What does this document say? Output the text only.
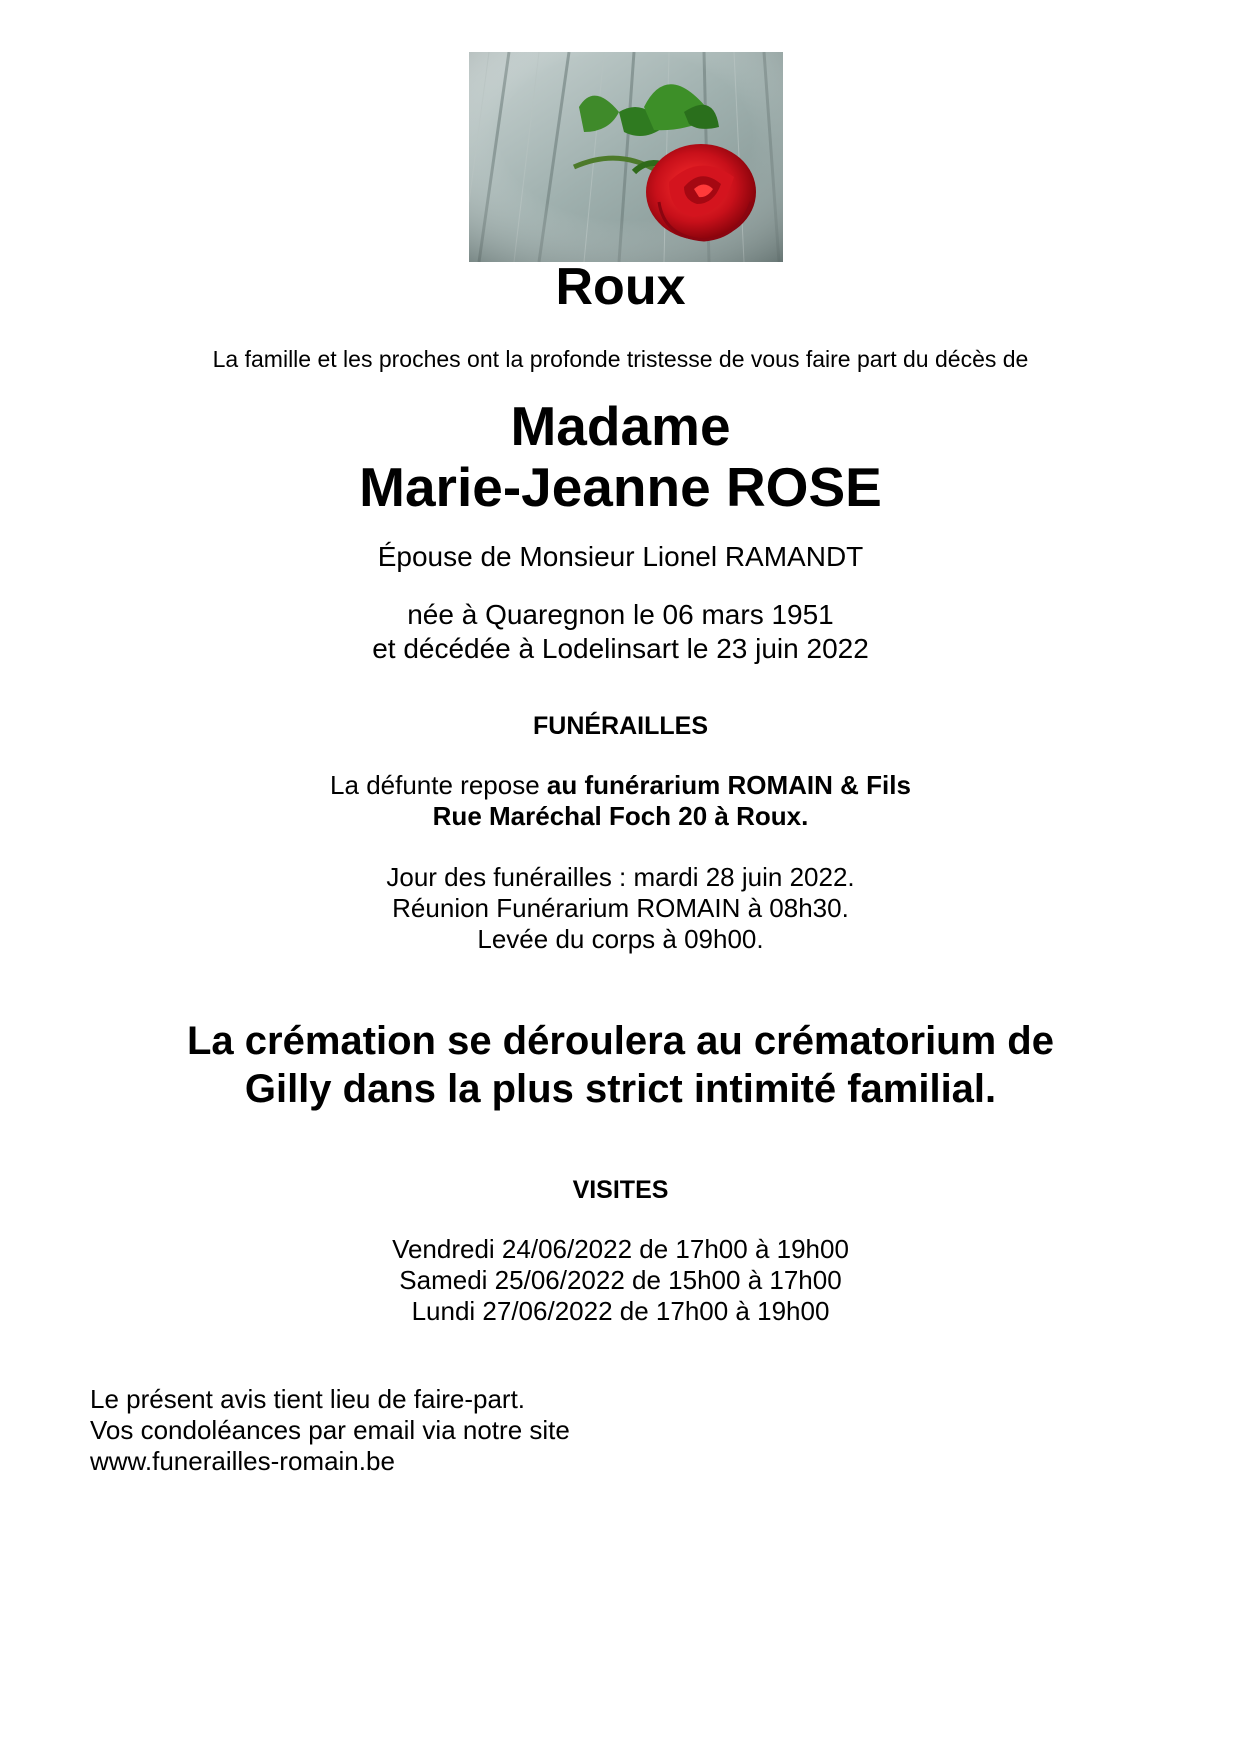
Roux
La famille et les proches ont la profonde tristesse de vous faire part du décès de
Madame
Marie-Jeanne ROSE
Épouse de Monsieur Lionel RAMANDT
née à Quaregnon le 06 mars 1951
et décédée à Lodelinsart le 23 juin 2022
FUNÉRAILLES
La défunte repose au funérarium ROMAIN & Fils
Rue Maréchal Foch 20 à Roux.
Jour des funérailles : mardi 28 juin 2022.
Réunion Funérarium ROMAIN à 08h30.
Levée du corps à 09h00.
La crémation se déroulera au crématorium de
Gilly dans la plus strict intimité familial.
VISITES
Vendredi 24/06/2022 de 17h00 à 19h00
Samedi 25/06/2022 de 15h00 à 17h00
Lundi 27/06/2022 de 17h00 à 19h00
Le présent avis tient lieu de faire-part.
Vos condoléances par email via notre site
www.funerailles-romain.be
